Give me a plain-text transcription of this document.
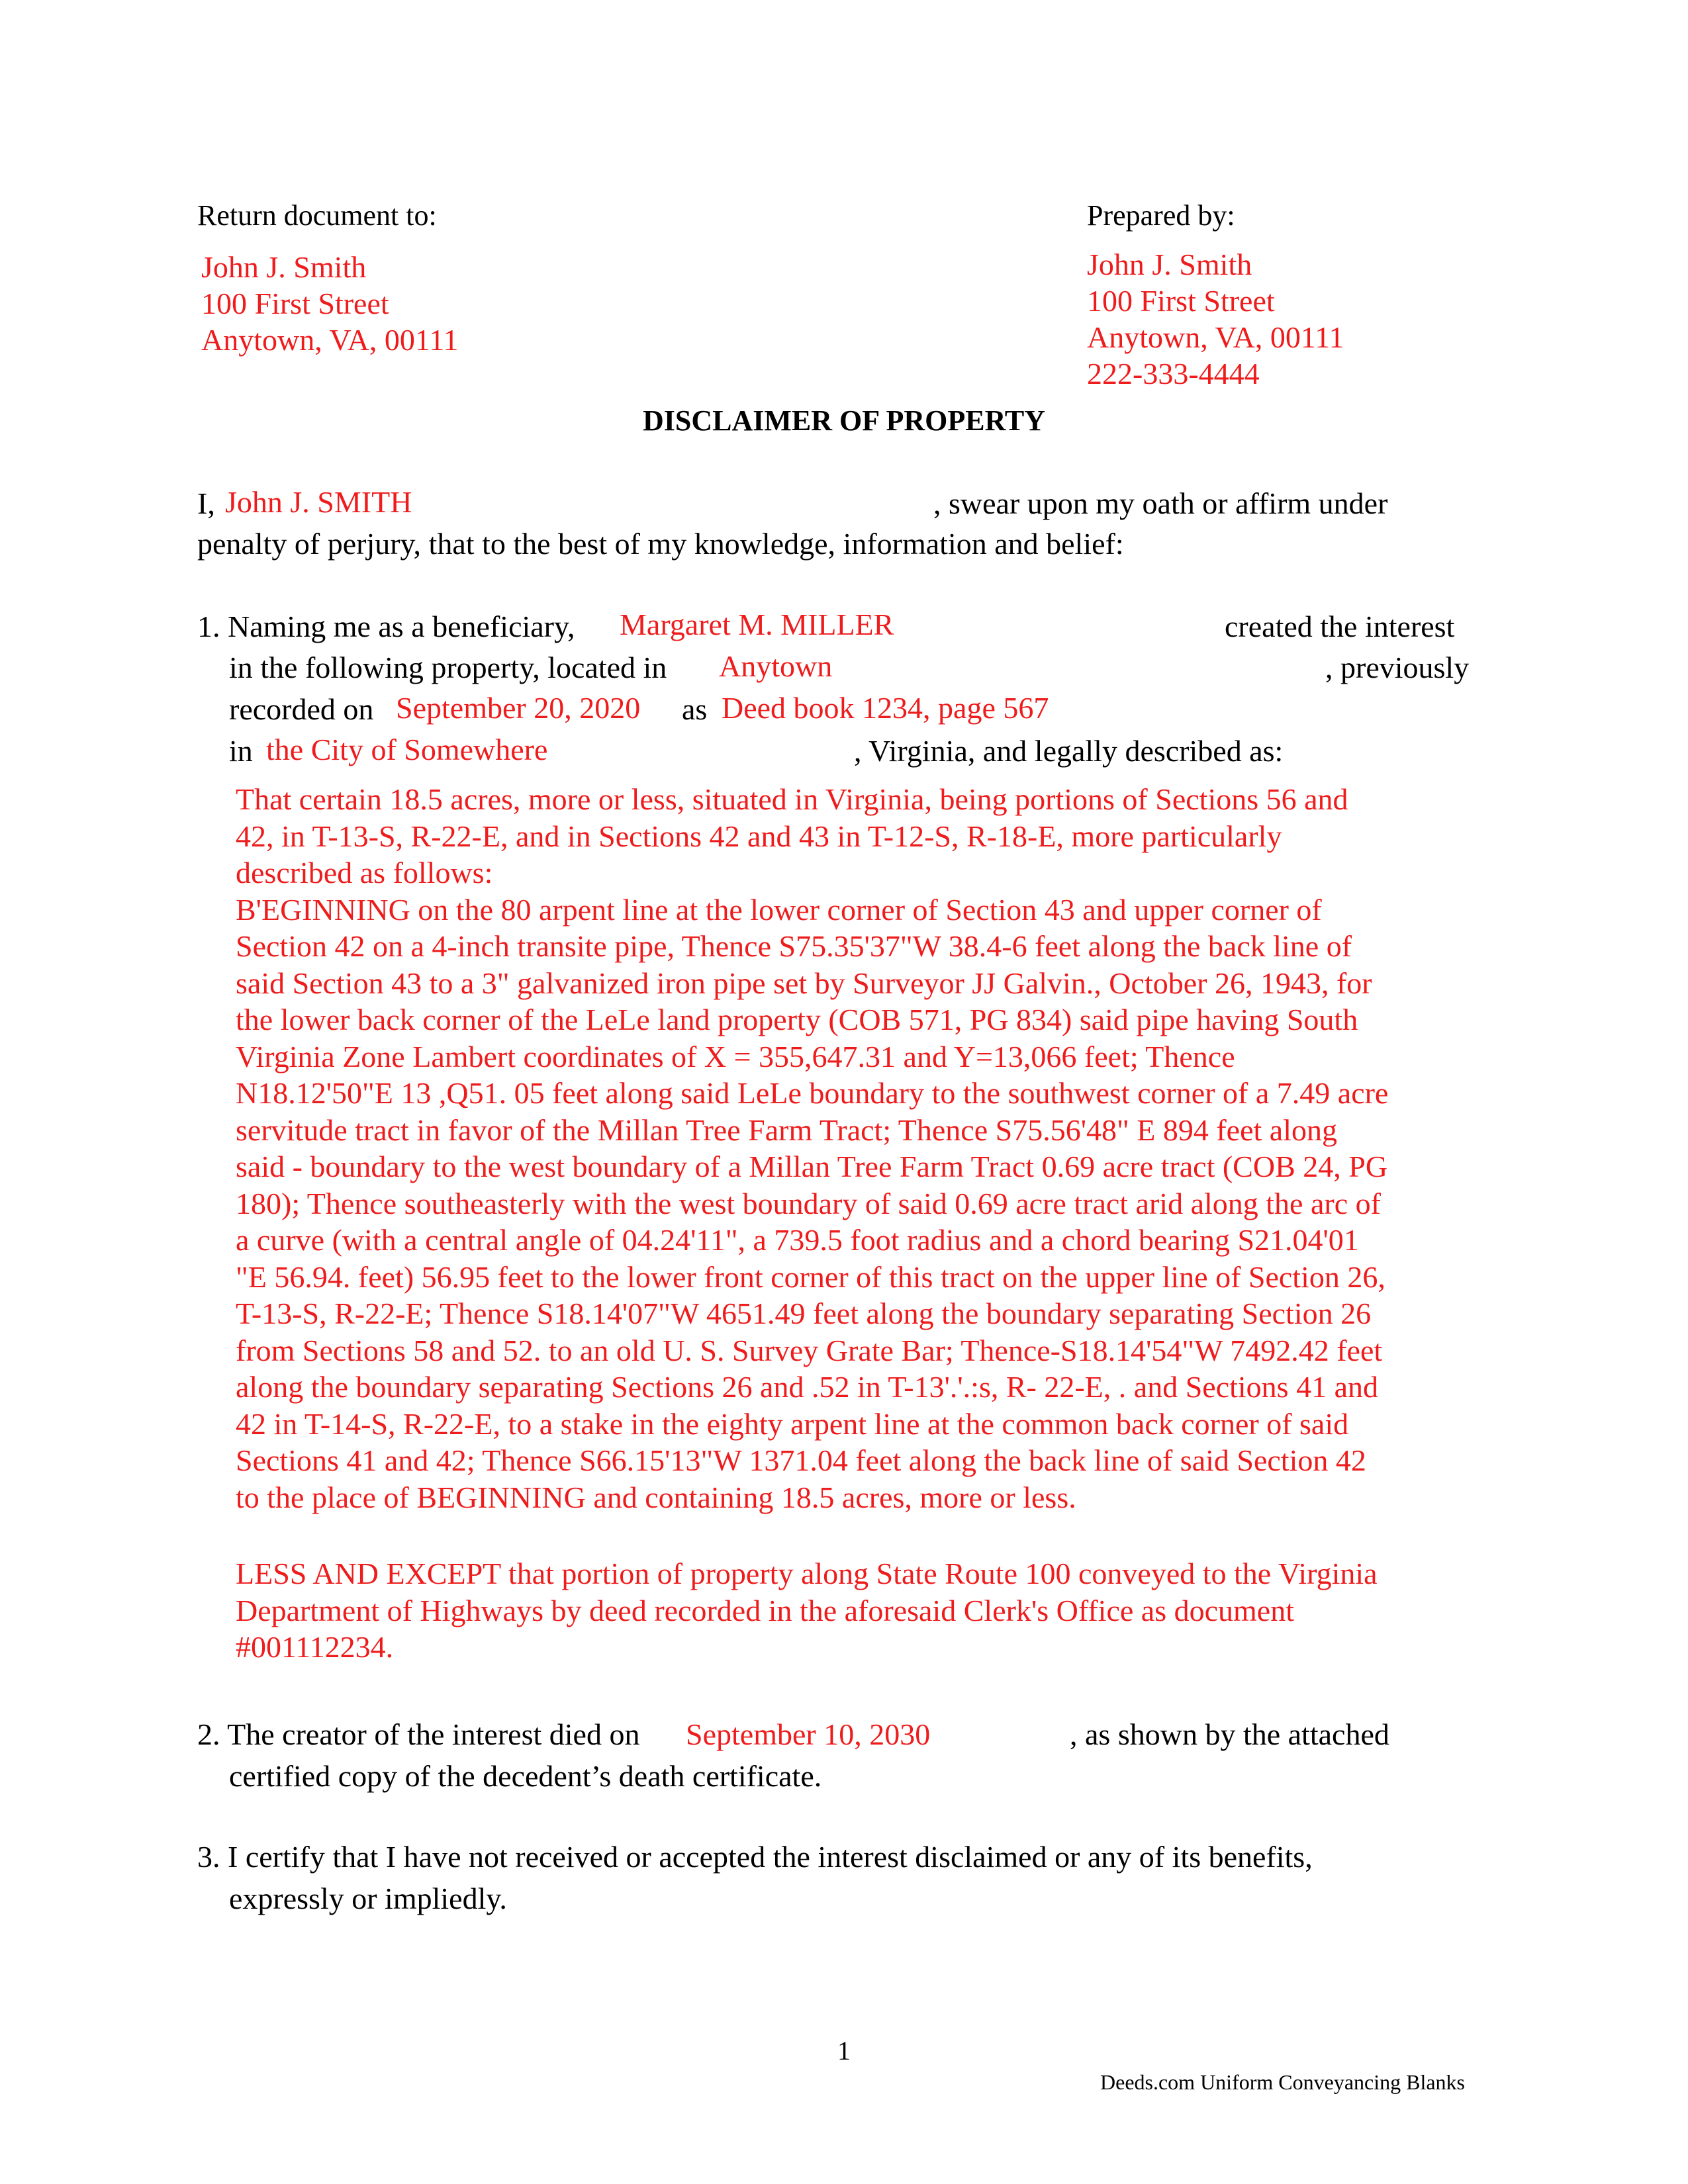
Return document to:
John J. Smith
100 First Street
Anytown, VA, 00111
Prepared by:
John J. Smith
100 First Street
Anytown, VA, 00111
222-333-4444
DISCLAIMER OF PROPERTY
I, John J. SMITH	, swear upon my oath or affirm under
penalty of perjury, that to the best of my knowledge, information and belief:
1. Naming me as a beneficiary, Margaret M. MILLER	created the interest
in the following property, located in Anytown	, previously
recorded on September 20, 2020 as Deed book 1234, page 567
in the City of Somewhere	, Virginia, and legally described as:
That certain 18.5 acres, more or less, situated in Virginia, being portions of Sections 56 and
42, in T-13-S, R-22-E, and in Sections 42 and 43 in T-12-S, R-18-E, more particularly
described as follows:
B'EGINNING on the 80 arpent line at the lower corner of Section 43 and upper corner of
Section 42 on a 4-inch transite pipe, Thence S75.35'37"W 38.4-6 feet along the back line of
said Section 43 to a 3" galvanized iron pipe set by Surveyor JJ Galvin., October 26, 1943, for
the lower back corner of the LeLe land property (COB 571, PG 834) said pipe having South
Virginia Zone Lambert coordinates of X = 355,647.31 and Y=13,066 feet; Thence
N18.12'50"E 13 ,Q51. 05 feet along said LeLe boundary to the southwest corner of a 7.49 acre
servitude tract in favor of the Millan Tree Farm Tract; Thence S75.56'48" E 894 feet along
said - boundary to the west boundary of a Millan Tree Farm Tract 0.69 acre tract (COB 24, PG
180); Thence southeasterly with the west boundary of said 0.69 acre tract arid along the arc of
a curve (with a central angle of 04.24'11", a 739.5 foot radius and a chord bearing S21.04'01
"E 56.94. feet) 56.95 feet to the lower front corner of this tract on the upper line of Section 26,
T-13-S, R-22-E; Thence S18.14'07"W 4651.49 feet along the boundary separating Section 26
from Sections 58 and 52. to an old U. S. Survey Grate Bar; Thence-S18.14'54"W 7492.42 feet
along the boundary separating Sections 26 and .52 in T-13'.'.:s, R- 22-E, . and Sections 41 and
42 in T-14-S, R-22-E, to a stake in the eighty arpent line at the common back corner of said
Sections 41 and 42; Thence S66.15'13"W 1371.04 feet along the back line of said Section 42
to the place of BEGINNING and containing 18.5 acres, more or less.
LESS AND EXCEPT that portion of property along State Route 100 conveyed to the Virginia
Department of Highways by deed recorded in the aforesaid Clerk's Office as document
#001112234.
2. The creator of the interest died on September 10, 2030	, as shown by the attached
certified copy of the decedent’s death certificate.
3. I certify that I have not received or accepted the interest disclaimed or any of its benefits,
expressly or impliedly.
1
Deeds.com Uniform Conveyancing Blanks
